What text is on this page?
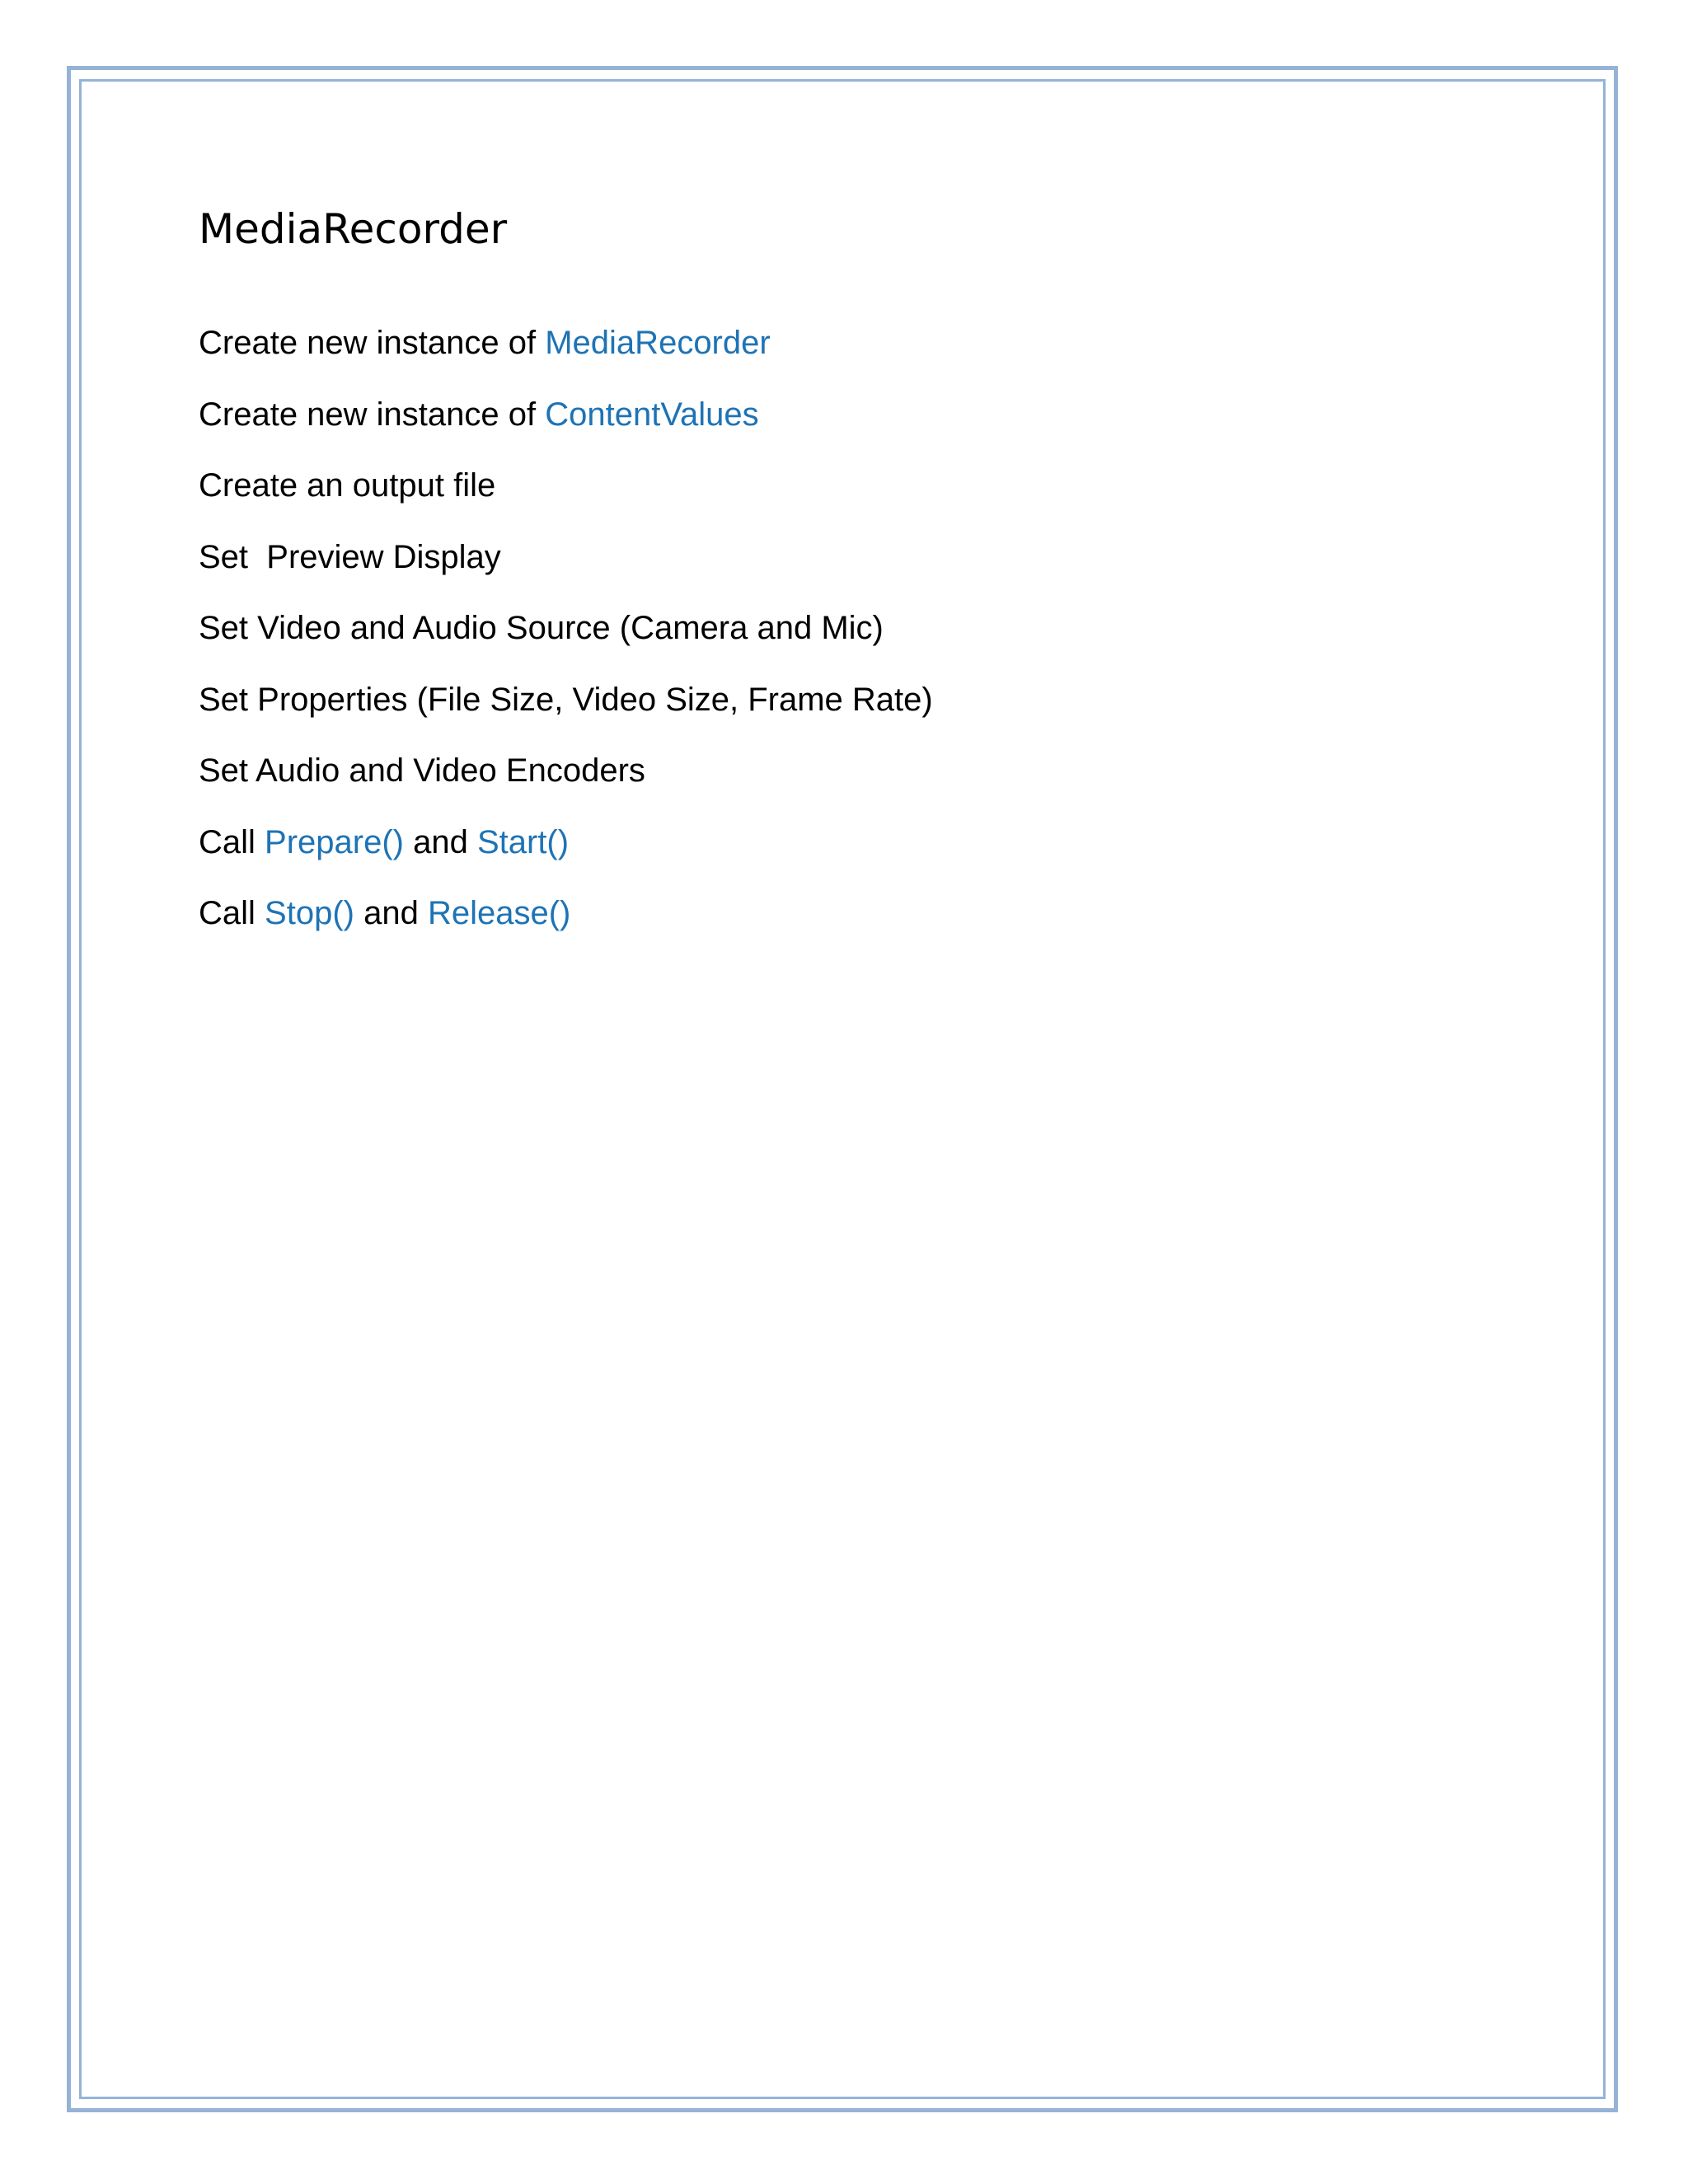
MediaRecorder
Create new instance of MediaRecorder
Create new instance of ContentValues
Create an output file
Set  Preview Display
Set Video and Audio Source (Camera and Mic)
Set Properties (File Size, Video Size, Frame Rate)
Set Audio and Video Encoders
Call Prepare() and Start()
Call Stop() and Release()
